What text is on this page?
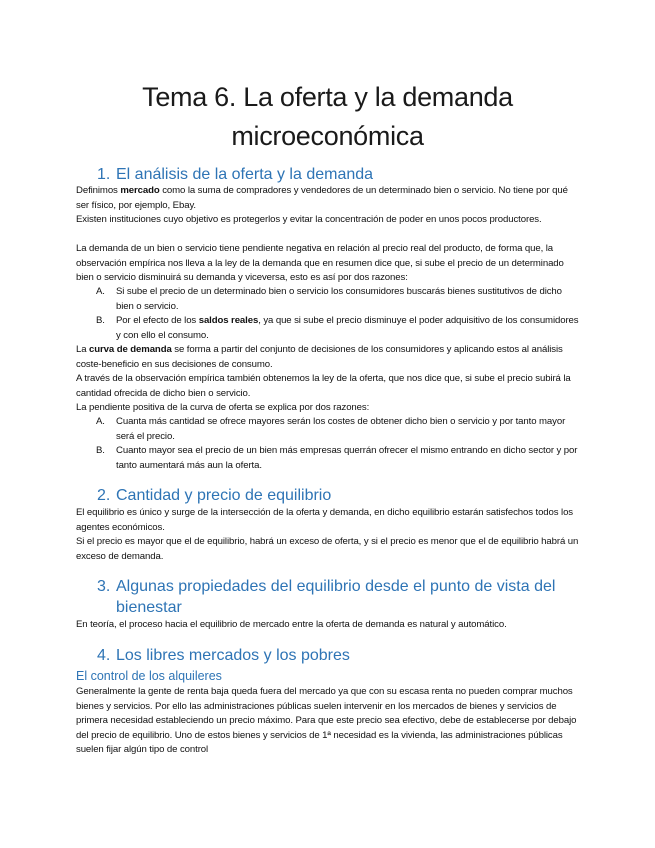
Tema 6. La oferta y la demanda
microeconómica
1. El análisis de la oferta y la demanda

Definimos mercado como la suma de compradores y vendedores de un determinado bien o servicio. No tiene por qué ser físico, por ejemplo, Ebay.

Existen instituciones cuyo objetivo es protegerlos y evitar la concentración de poder en unos pocos productores.

La demanda de un bien o servicio tiene pendiente negativa en relación al precio real del producto, de forma que, la observación empírica nos lleva a la ley de la demanda que en resumen dice que, si sube el precio de un determinado bien o servicio disminuirá su demanda y viceversa, esto es así por dos razones:

A.	Si sube el precio de un determinado bien o servicio los consumidores buscarás bienes sustitutivos de dicho bien o servicio.
B.	Por el efecto de los saldos reales, ya que si sube el precio disminuye el poder adquisitivo de los consumidores y con ello el consumo.

La curva de demanda se forma a partir del conjunto de decisiones de los consumidores y aplicando estos al análisis coste-beneficio en sus decisiones de consumo.

A través de la observación empírica también obtenemos la ley de la oferta, que nos dice que, si sube el precio subirá la cantidad ofrecida de dicho bien o servicio.

La pendiente positiva de la curva de oferta se explica por dos razones:

A.	Cuanta más cantidad se ofrece mayores serán los costes de obtener dicho bien o servicio y por tanto mayor será el precio.
B.	Cuanto mayor sea el precio de un bien más empresas querrán ofrecer el mismo entrando en dicho sector y por tanto aumentará más aun la oferta.
2. Cantidad y precio de equilibrio

El equilibrio es único y surge de la intersección de la oferta y demanda, en dicho equilibrio estarán satisfechos todos los agentes económicos.

Si el precio es mayor que el de equilibrio, habrá un exceso de oferta, y si el precio es menor que el de equilibrio habrá un exceso de demanda.

3. Algunas propiedades del equilibrio desde el punto de vista del
bienestar

En teoría, el proceso hacia el equilibrio de mercado entre la oferta de demanda es natural y automático.

4. Los libres mercados y los pobres
El control de los alquileres

Generalmente la gente de renta baja queda fuera del mercado ya que con su escasa renta no pueden comprar muchos bienes y servicios. Por ello las administraciones públicas suelen intervenir en los mercados de bienes y servicios de primera necesidad estableciendo un precio máximo. Para que este precio sea efectivo, debe de establecerse por debajo del precio de equilibrio. Uno de estos bienes y servicios de 1ª necesidad es la vivienda, las administraciones públicas suelen fijar algún tipo de control
